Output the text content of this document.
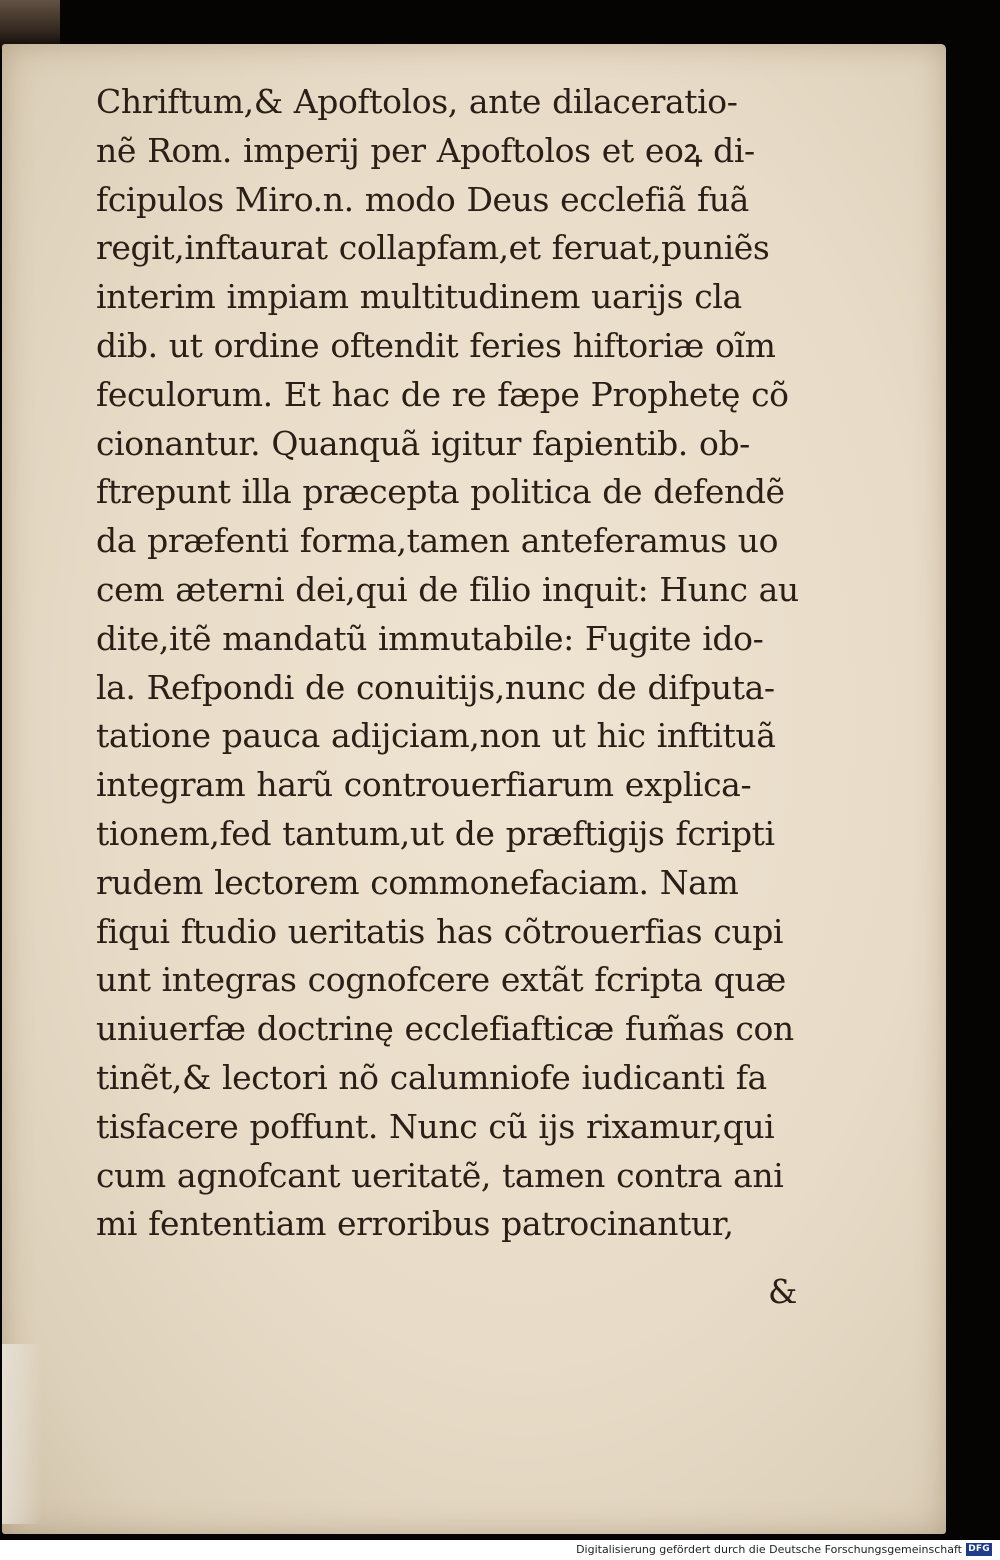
Chriftum,& Apoftolos, ante dilaceratio-
nẽ Rom. imperij per Apoftolos et eoꝝ di-
fcipulos Miro.n. modo Deus ecclefiã fuã
regit,inftaurat collapfam,et feruat,puniẽs
interim impiam multitudinem uarijs cla
dib. ut ordine oftendit feries hiftoriæ oĩm
feculorum. Et hac de re fæpe Prophetę cõ
cionantur. Quanquã igitur fapientib. ob-
ftrepunt illa præcepta politica de defendẽ
da præfenti forma,tamen anteferamus uo
cem æterni dei,qui de filio inquit: Hunc au
dite,itẽ mandatũ immutabile: Fugite ido-
la. Refpondi de conuitijs,nunc de difputa-
tatione pauca adijciam,non ut hic inftituã
integram harũ controuerfiarum explica-
tionem,fed tantum,ut de præftigijs fcripti
rudem lectorem commonefaciam. Nam
fiqui ftudio ueritatis has cõtrouerfias cupi
unt integras cognofcere extãt fcripta quæ
uniuerfæ doctrinę ecclefiafticæ fum̃as con
tinẽt,& lectori nõ calumniofe iudicanti fa
tisfacere poffunt. Nunc cũ ijs rixamur,qui
cum agnofcant ueritatẽ, tamen contra ani
mi fententiam erroribus patrocinantur,
&
Digitalisierung gefördert durch die Deutsche Forschungsgemeinschaft DFG
